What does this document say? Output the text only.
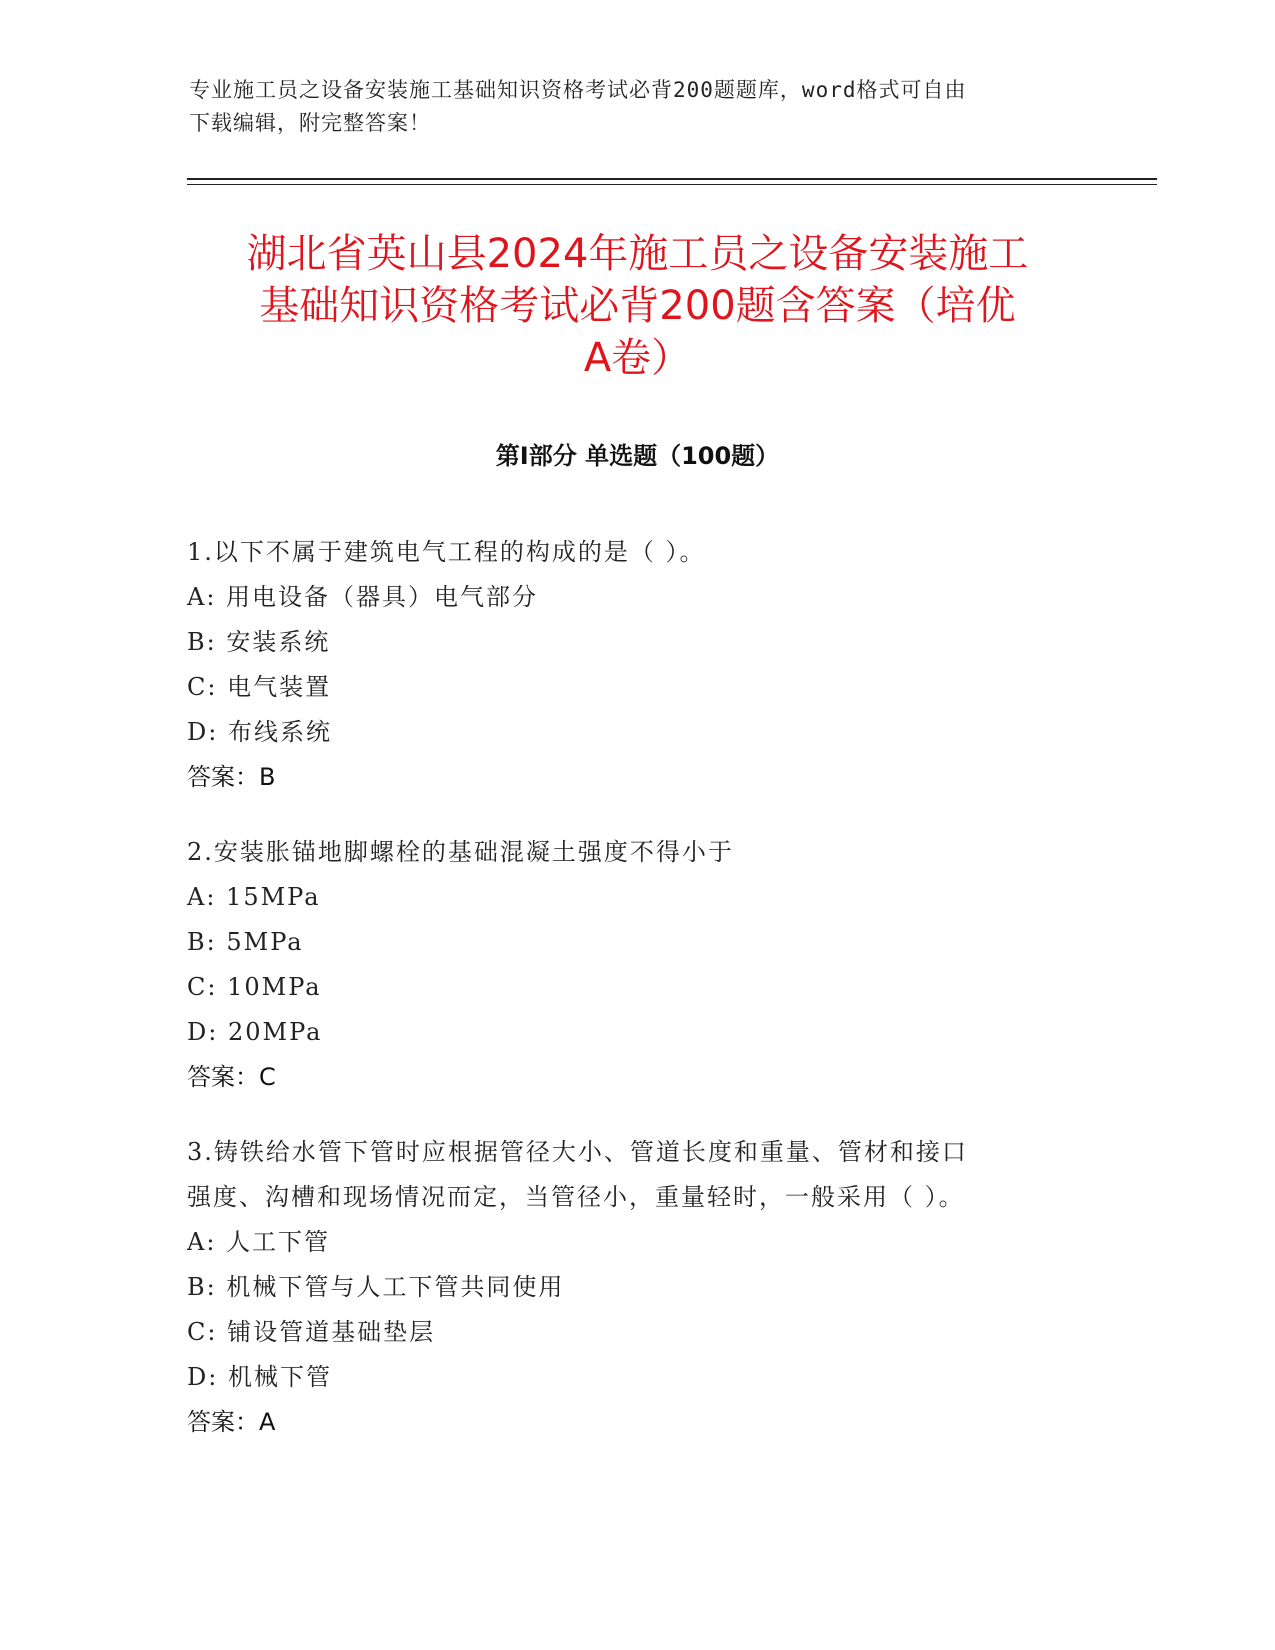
专业施工员之设备安装施工基础知识资格考试必背200题题库，word格式可自由
下载编辑，附完整答案！
湖北省英山县2024年施工员之设备安装施工
基础知识资格考试必背200题含答案（培优
A卷）
第Ⅰ部分 单选题（100题）

1.以下不属于建筑电气工程的构成的是（ ）。

A: 用电设备（器具）电气部分

B: 安装系统

C: 电气装置

D: 布线系统

答案：B

2.安装胀锚地脚螺栓的基础混凝土强度不得小于

A: 15MPa

B: 5MPa

C: 10MPa

D: 20MPa

答案：C

3.铸铁给水管下管时应根据管径大小、管道长度和重量、管材和接口

强度、沟槽和现场情况而定，当管径小，重量轻时，一般采用（ ）。

A: 人工下管

B: 机械下管与人工下管共同使用

C: 铺设管道基础垫层

D: 机械下管

答案：A
